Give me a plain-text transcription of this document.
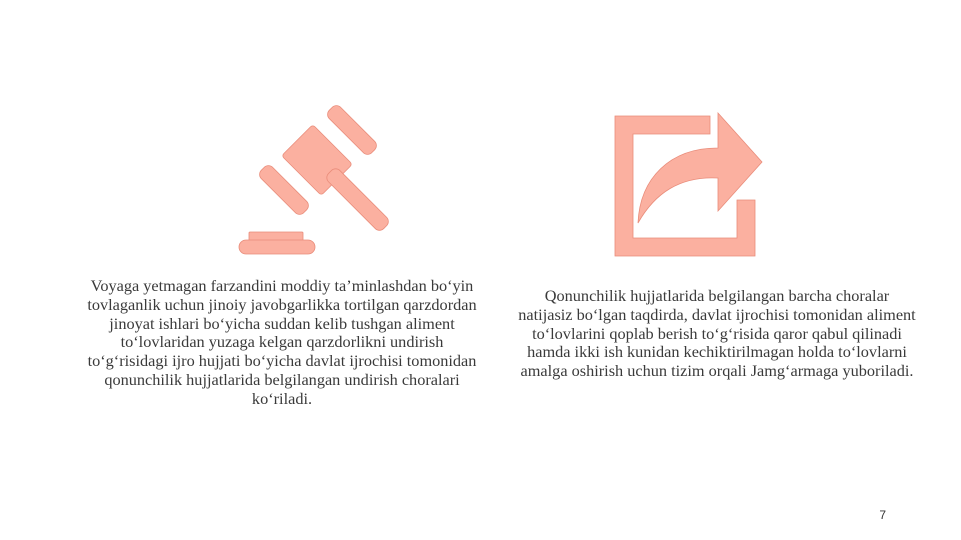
Voyaga yetmagan farzandini moddiy ta’minlashdan bo‘yin tovlaganlik uchun jinoiy javobgarlikka tortilgan qarzdordan jinoyat ishlari bo‘yicha suddan kelib tushgan aliment to‘lovlaridan yuzaga kelgan qarzdorlikni undirish to‘g‘risidagi ijro hujjati bo‘yicha davlat ijrochisi tomonidan qonunchilik hujjatlarida belgilangan undirish choralari ko‘riladi.
Qonunchilik hujjatlarida belgilangan barcha choralar natijasiz bo‘lgan taqdirda, davlat ijrochisi tomonidan aliment to‘lovlarini qoplab berish to‘g‘risida qaror qabul qilinadi hamda ikki ish kunidan kechiktirilmagan holda to‘lovlarni amalga oshirish uchun tizim orqali Jamg‘armaga yuboriladi.
7
